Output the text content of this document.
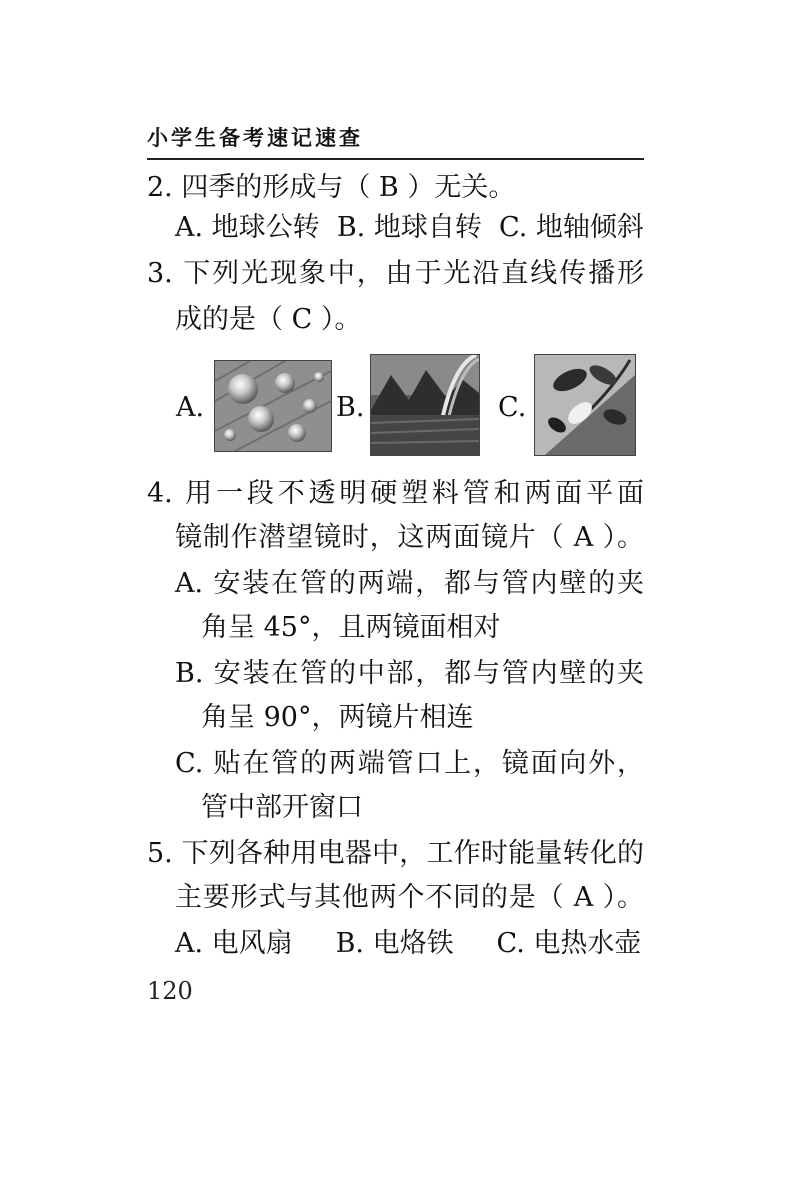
小学生备考速记速查
2. 四季的形成与（ B ）无关。
A. 地球公转  B. 地球自转  C. 地轴倾斜
3. 下列光现象中，由于光沿直线传播形
成的是（ C ）。
A.	B.	C.
4. 用一段不透明硬塑料管和两面平面
镜制作潜望镜时，这两面镜片（ A ）。
A. 安装在管的两端，都与管内壁的夹
角呈 45°，且两镜面相对
B. 安装在管的中部，都与管内壁的夹
角呈 90°，两镜片相连
C. 贴在管的两端管口上，镜面向外，
管中部开窗口
5. 下列各种用电器中，工作时能量转化的
主要形式与其他两个不同的是（ A ）。
A. 电风扇     B. 电烙铁     C. 电热水壶
120
